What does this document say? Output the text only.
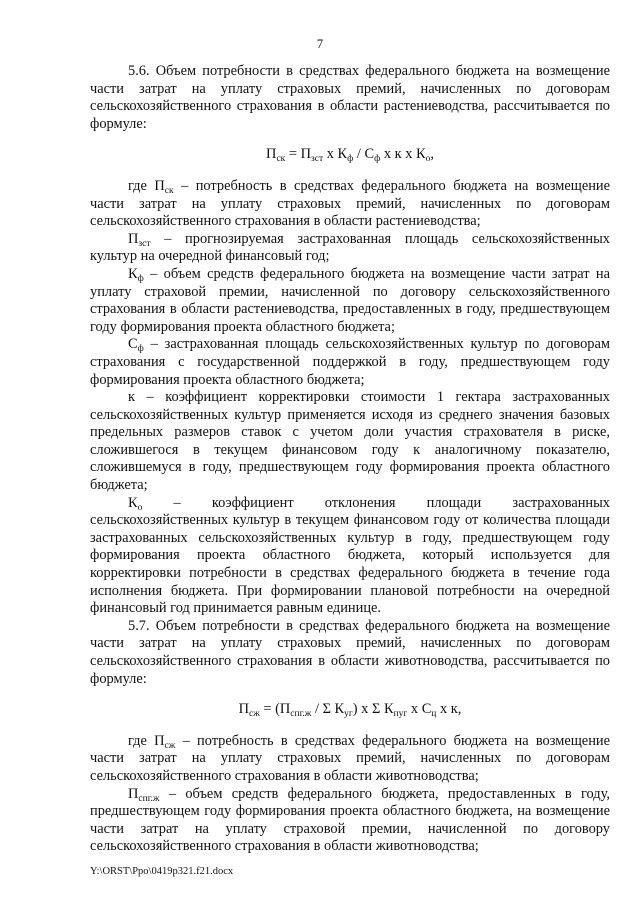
7

5.6. Объем потребности в средствах федерального бюджета на возмещение части затрат на уплату страховых премий, начисленных по договорам сельскохозяйственного страхования в области растениеводства, рассчитывается по формуле:

$П_{ск} = П_{зст}$ х $К_ф / С_ф$ х к х $К_о$,

где $П_{ск}$ – потребность в средствах федерального бюджета на возмещение части затрат на уплату страховых премий, начисленных по договорам сельскохозяйственного страхования в области растениеводства;

$П_{зст}$ – прогнозируемая застрахованная площадь сельскохозяйственных культур на очередной финансовый год;

$К_ф$ – объем средств федерального бюджета на возмещение части затрат на уплату страховой премии, начисленной по договору сельскохозяйственного страхования в области растениеводства, предоставленных в году, предшествующем году формирования проекта областного бюджета;

$С_ф$ – застрахованная площадь сельскохозяйственных культур по договорам страхования с государственной поддержкой в году, предшествующем году формирования проекта областного бюджета;

к – коэффициент корректировки стоимости 1 гектара застрахованных сельскохозяйственных культур применяется исходя из среднего значения базовых предельных размеров ставок с учетом доли участия страхователя в риске, сложившегося в текущем финансовом году к аналогичному показателю, сложившемуся в году, предшествующем году формирования проекта областного бюджета;

$К_о$ – коэффициент отклонения площади застрахованных сельскохозяйственных культур в текущем финансовом году от количества площади застрахованных сельскохозяйственных культур в году, предшествующем году формирования проекта областного бюджета, который используется для корректировки потребности в средствах федерального бюджета в течение года исполнения бюджета. При формировании плановой потребности на очередной финансовый год принимается равным единице.

5.7. Объем потребности в средствах федерального бюджета на возмещение части затрат на уплату страховых премий, начисленных по договорам сельскохозяйственного страхования в области животноводства, рассчитывается по формуле:

$П_{сж} = (П_{спг.ж} / \Sigma$ $К_{уг}$) х Σ $К_{пуг}$ х $С_ц$ х к,

где $П_{сж}$ – потребность в средствах федерального бюджета на возмещение части затрат на уплату страховых премий, начисленных по договорам сельскохозяйственного страхования в области животноводства;

$П_{спг.ж}$ – объем средств федерального бюджета, предоставленных в году, предшествующем году формирования проекта областного бюджета, на возмещение части затрат на уплату страховой премии, начисленной по договору сельскохозяйственного страхования в области животноводства;

Y:\ORST\Ppo\0419p321.f21.docx
